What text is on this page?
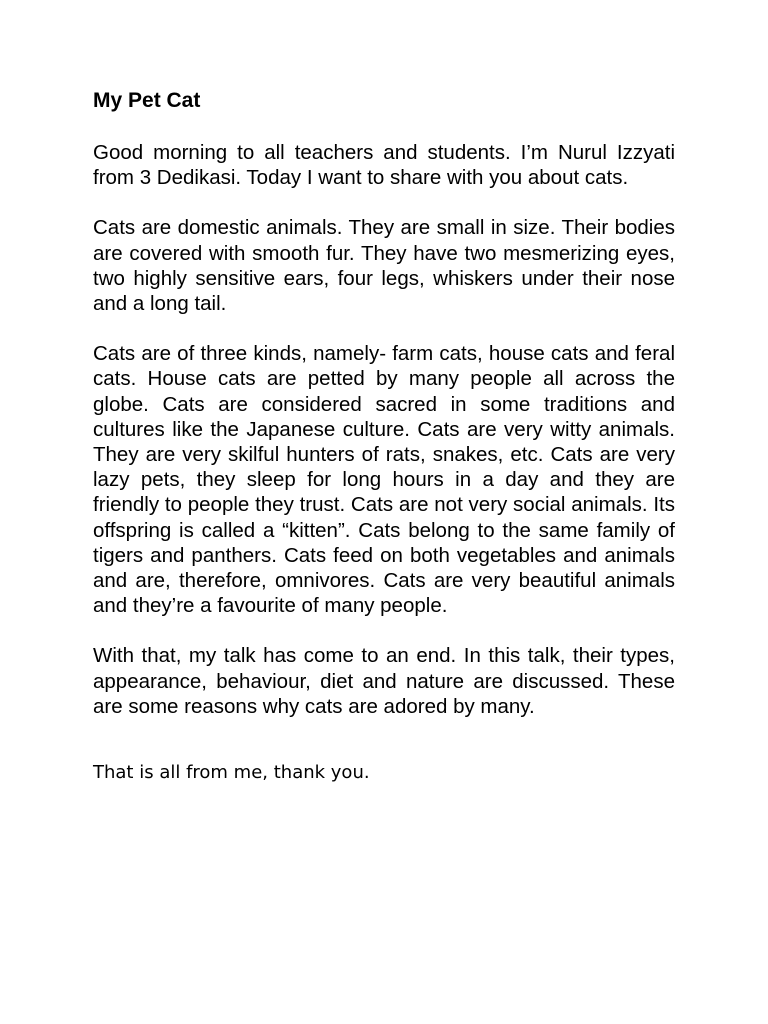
My Pet Cat

Good morning to all teachers and students. I’m Nurul Izzyati from 3 Dedikasi. Today I want to share with you about cats.

Cats are domestic animals. They are small in size. Their bodies are covered with smooth fur. They have two mesmerizing eyes, two highly sensitive ears, four legs, whiskers under their nose and a long tail.

Cats are of three kinds, namely- farm cats, house cats and feral cats. House cats are petted by many people all across the globe. Cats are considered sacred in some traditions and cultures like the Japanese culture. Cats are very witty animals. They are very skilful hunters of rats, snakes, etc. Cats are very lazy pets, they sleep for long hours in a day and they are friendly to people they trust. Cats are not very social animals. Its offspring is called a “kitten”. Cats belong to the same family of tigers and panthers. Cats feed on both vegetables and animals and are, therefore, omnivores. Cats are very beautiful animals and they’re a favourite of many people.

With that, my talk has come to an end. In this talk, their types, appearance, behaviour, diet and nature are discussed. These are some reasons why cats are adored by many.

That is all from me, thank you.
